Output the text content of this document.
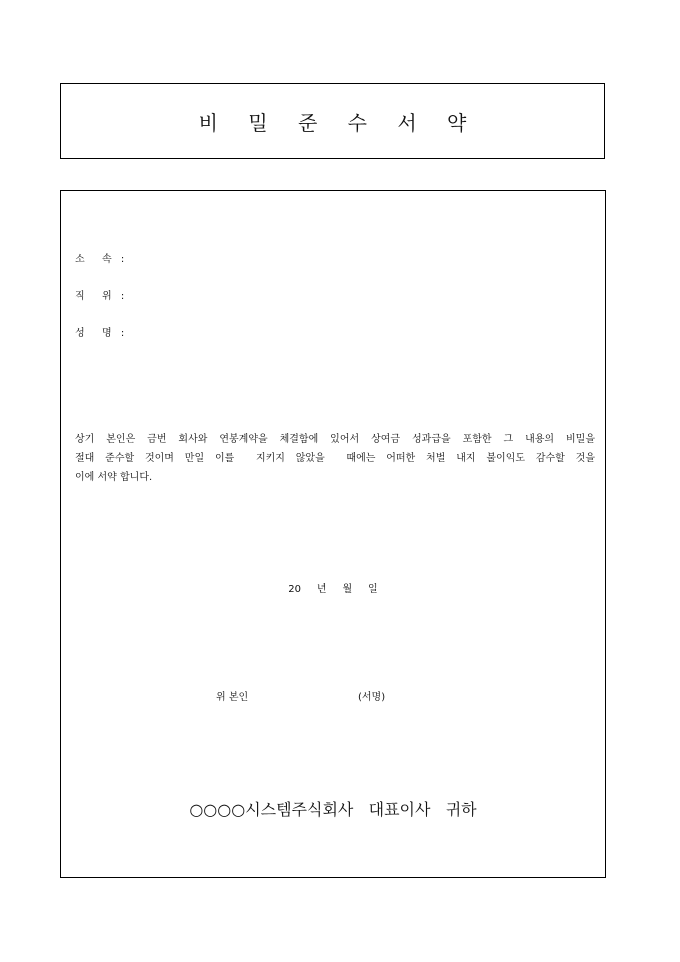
비 밀 준 수 서 약
소  속 :
직  위 :
성  명 :
상기 본인은 금번 회사와 연봉계약을 체결함에 있어서 상여금 성과급을 포함한 그 내용의 비밀을
절대 준수할 것이며 만일 이를  지키지 않았을  때에는 어떠한 처벌 내지 불이익도 감수할 것을
이에 서약 합니다.
20     년     월     일
위 본인	(서명)
○○○○시스템주식회사   대표이사   귀하
